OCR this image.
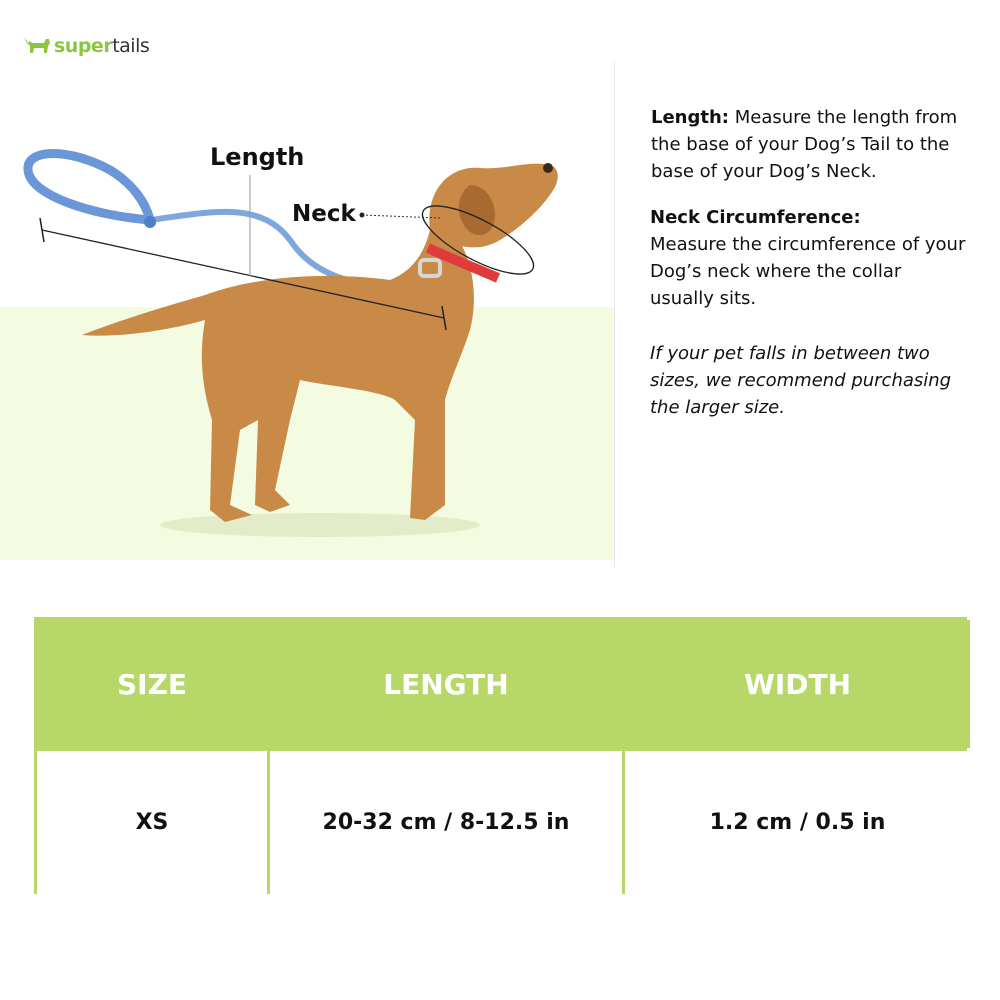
supertails
Length
Neck
Length: Measure the length from the base of your Dog’s Tail to the base of your Dog’s Neck.
Neck Circumference:
Measure the circumference of your Dog’s neck where the collar usually sits.
If your pet falls in between two sizes, we recommend purchasing the larger size.
SIZE	LENGTH	WIDTH
XS	20-32 cm / 8-12.5 in	1.2 cm / 0.5 in
